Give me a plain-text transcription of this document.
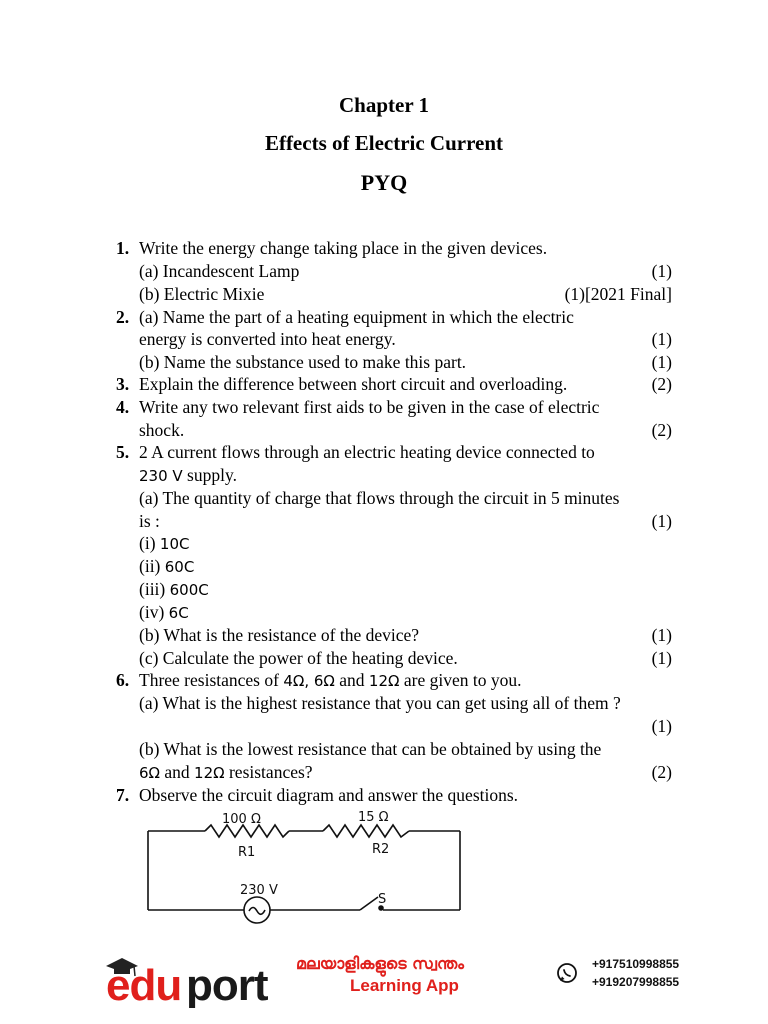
Chapter 1
Effects of Electric Current
PYQ
1. Write the energy change taking place in the given devices.
(a) Incandescent Lamp	(1)
(b) Electric Mixie	(1)[2021 Final]
2. (a) Name the part of a heating equipment in which the electric
energy is converted into heat energy.	(1)
(b) Name the substance used to make this part.	(1)
3. Explain the difference between short circuit and overloading.	(2)
4. Write any two relevant first aids to be given in the case of electric
shock.	(2)
5. 2 A current flows through an electric heating device connected to
230 V supply.
(a) The quantity of charge that flows through the circuit in 5 minutes
is :	(1)
(i) 10C
(ii) 60C
(iii) 600C
(iv) 6C
(b) What is the resistance of the device?	(1)
(c) Calculate the power of the heating device.	(1)
6. Three resistances of 4Ω, 6Ω and 12Ω are given to you.
(a) What is the highest resistance that you can get using all of them ?
(1)
(b) What is the lowest resistance that can be obtained by using the
6Ω and 12Ω resistances?	(2)
7. Observe the circuit diagram and answer the questions.
100 Ω
R1
15 Ω
R2
230 V
S
edu port മലയാളികളുടെ സ്വന്തം
Learning App
+917510998855
+919207998855
